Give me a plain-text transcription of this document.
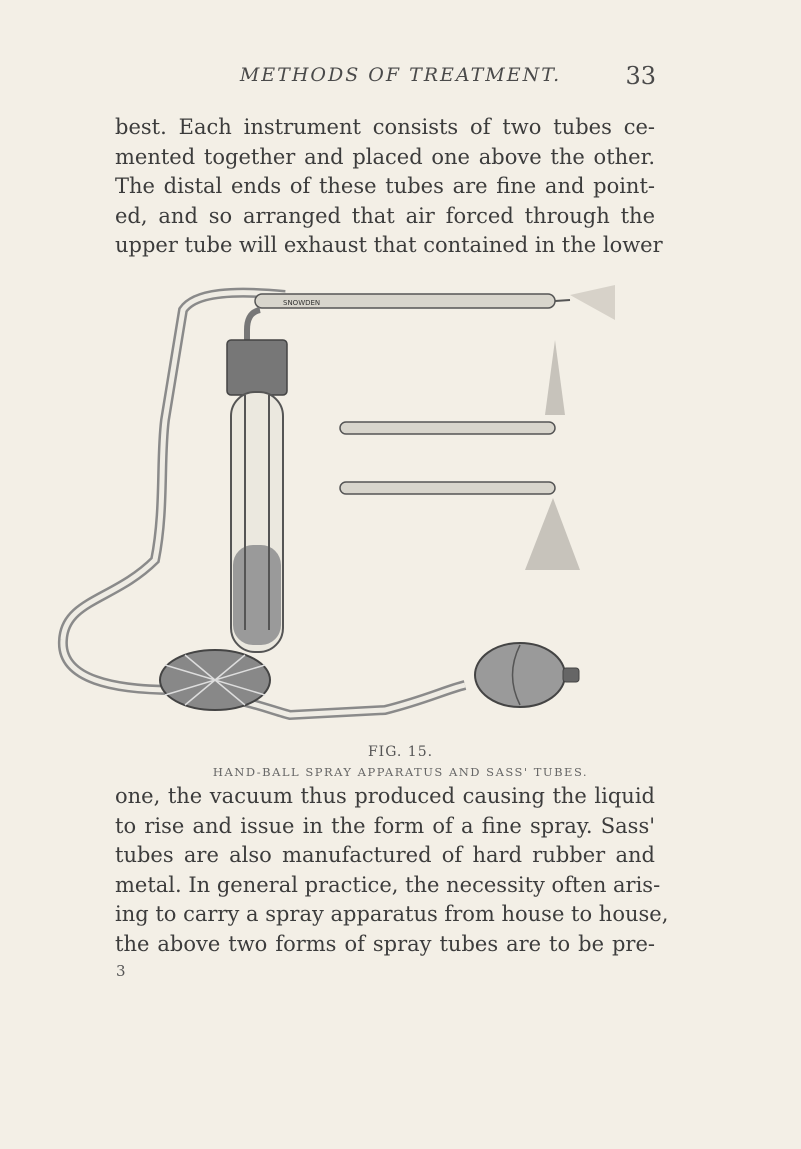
METHODS OF TREATMENT.	33
best. Each instrument consists of two tubes ce-
mented together and placed one above the other.
The distal ends of these tubes are fine and point-
ed, and so arranged that air forced through the
upper tube will exhaust that contained in the lower
SNOWDEN
FIG. 15.
HAND-BALL SPRAY APPARATUS AND SASS' TUBES.
one, the vacuum thus produced causing the liquid
to rise and issue in the form of a fine spray. Sass'
tubes are also manufactured of hard rubber and
metal. In general practice, the necessity often aris-
ing to carry a spray apparatus from house to house,
the above two forms of spray tubes are to be pre-
3
